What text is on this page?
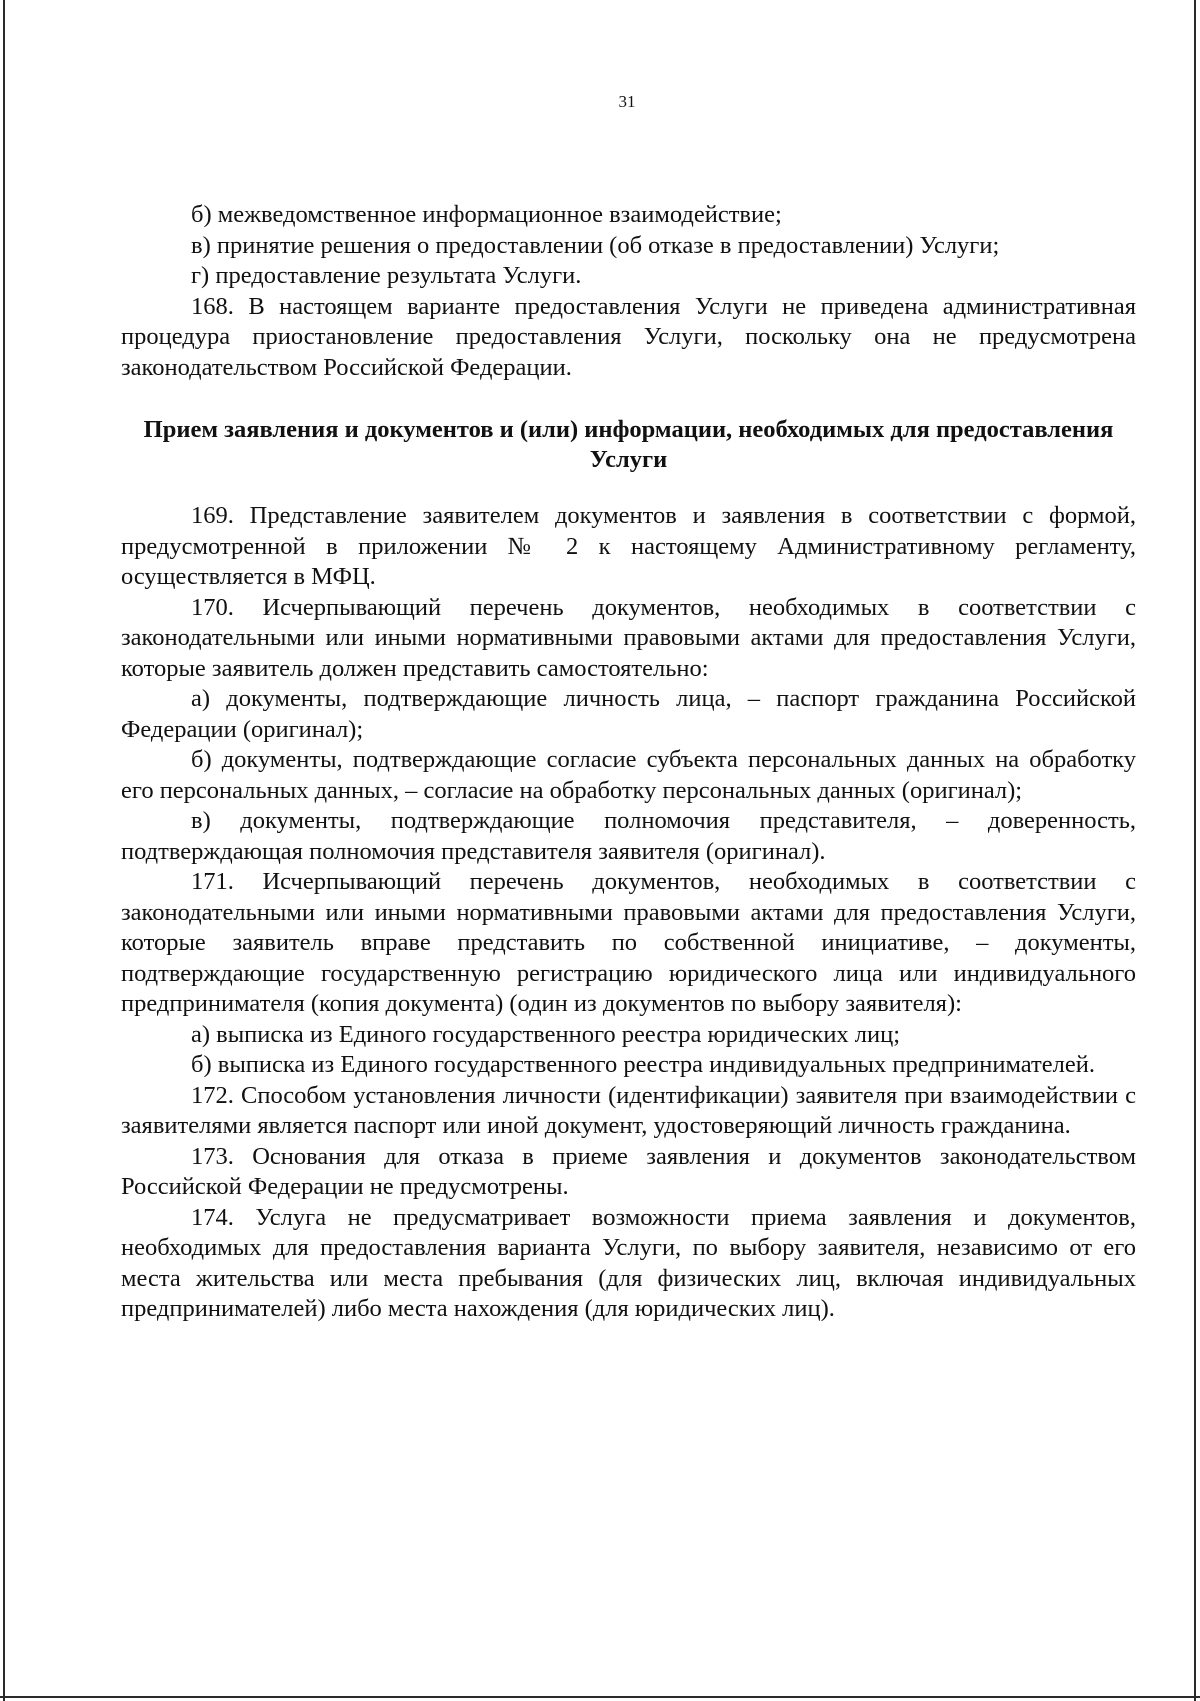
31

б) межведомственное информационное взаимодействие;

в) принятие решения о предоставлении (об отказе в предоставлении) Услуги;

г) предоставление результата Услуги.

168. В настоящем варианте предоставления Услуги не приведена административная процедура приостановление предоставления Услуги, поскольку она не предусмотрена законодательством Российской Федерации.

Прием заявления и документов и (или) информации, необходимых для предоставления Услуги

169. Представление заявителем документов и заявления в соответствии с формой, предусмотренной в приложении № 2 к настоящему Административному регламенту, осуществляется в МФЦ.

170. Исчерпывающий перечень документов, необходимых в соответствии с законодательными или иными нормативными правовыми актами для предоставления Услуги, которые заявитель должен представить самостоятельно:

а) документы, подтверждающие личность лица, – паспорт гражданина Российской Федерации (оригинал);

б) документы, подтверждающие согласие субъекта персональных данных на обработку его персональных данных, – согласие на обработку персональных данных (оригинал);

в) документы, подтверждающие полномочия представителя, – доверенность, подтверждающая полномочия представителя заявителя (оригинал).

171. Исчерпывающий перечень документов, необходимых в соответствии с законодательными или иными нормативными правовыми актами для предоставления Услуги, которые заявитель вправе представить по собственной инициативе, – документы, подтверждающие государственную регистрацию юридического лица или индивидуального предпринимателя (копия документа) (один из документов по выбору заявителя):

а) выписка из Единого государственного реестра юридических лиц;

б) выписка из Единого государственного реестра индивидуальных предпринимателей.

172. Способом установления личности (идентификации) заявителя при взаимодействии с заявителями является паспорт или иной документ, удостоверяющий личность гражданина.

173. Основания для отказа в приеме заявления и документов законодательством Российской Федерации не предусмотрены.

174. Услуга не предусматривает возможности приема заявления и документов, необходимых для предоставления варианта Услуги, по выбору заявителя, независимо от его места жительства или места пребывания (для физических лиц, включая индивидуальных предпринимателей) либо места нахождения (для юридических лиц).
